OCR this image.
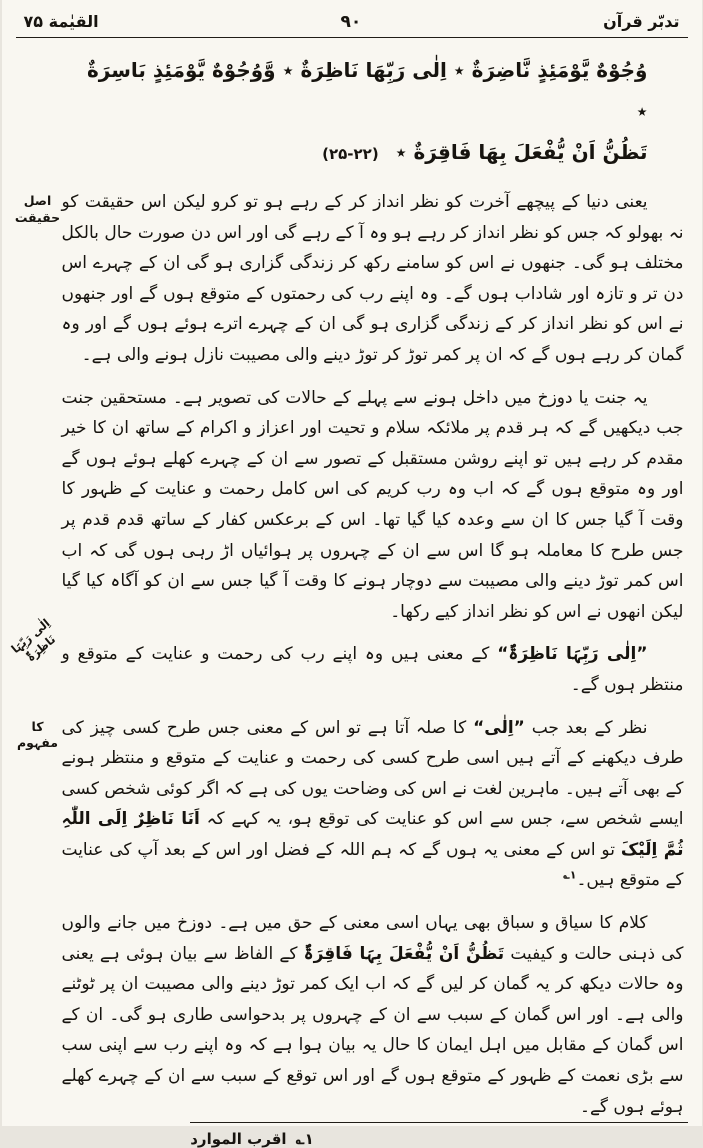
تدبّر قرآن
۹۰
القيٰمة ۷۵
وُجُوْهٌ يَّوْمَئِذٍ نَّاضِرَةٌ ٭ اِلٰى رَبِّهَا نَاظِرَةٌ ٭ وَّوُجُوْهٌ يَّوْمَئِذٍ بَاسِرَةٌ ٭
تَظُنُّ اَنْ يُّفْعَلَ بِهَا فَاقِرَةٌ ٭ (۲۲-۲۵)

یعنی دنیا کے پیچھے آخرت کو نظر انداز کر کے رہے ہو تو کرو لیکن اس حقیقت کو نہ بھولو کہ جس کو نظر انداز کر رہے ہو وہ آ کے رہے گی اور اس دن صورت حال بالکل مختلف ہو گی۔ جنھوں نے اس کو سامنے رکھ کر زندگی گزاری ہو گی ان کے چہرے اس دن تر و تازہ اور شاداب ہوں گے۔ وہ اپنے رب کی رحمتوں کے متوقع ہوں گے اور جنھوں نے اس کو نظر انداز کر کے زندگی گزاری ہو گی ان کے چہرے اترے ہوئے ہوں گے اور وہ گمان کر رہے ہوں گے کہ ان پر کمر توڑ کر توڑ دینے والی مصیبت نازل ہونے والی ہے۔
اصل حقیقت

یہ جنت یا دوزخ میں داخل ہونے سے پہلے کے حالات کی تصویر ہے۔ مستحقین جنت جب دیکھیں گے کہ ہر قدم پر ملائکہ سلام و تحیت اور اعزاز و اکرام کے ساتھ ان کا خیر مقدم کر رہے ہیں تو اپنے روشن مستقبل کے تصور سے ان کے چہرے کھلے ہوئے ہوں گے اور وہ متوقع ہوں گے کہ اب وہ رب کریم کی اس کامل رحمت و عنایت کے ظہور کا وقت آ گیا جس کا ان سے وعدہ کیا گیا تھا۔ اس کے برعکس کفار کے ساتھ قدم قدم پر جس طرح کا معاملہ ہو گا اس سے ان کے چہروں پر ہوائیاں اڑ رہی ہوں گی کہ اب اس کمر توڑ دینے والی مصیبت سے دوچار ہونے کا وقت آ گیا جس سے ان کو آگاہ کیا گیا لیکن انھوں نے اس کو نظر انداز کیے رکھا۔

”اِلٰی رَبِّہَا نَاظِرَۃٌ“ کے معنی ہیں وہ اپنے رب کی رحمت و عنایت کے متوقع و منتظر ہوں گے۔
اِلٰی رَبِّہَا نَاظِرَۃٌ

نظر کے بعد جب ”اِلٰی“ کا صلہ آتا ہے تو اس کے معنی جس طرح کسی چیز کی طرف دیکھنے کے آتے ہیں اسی طرح کسی کی رحمت و عنایت کے متوقع و منتظر ہونے کے بھی آتے ہیں۔ ماہرین لغت نے اس کی وضاحت یوں کی ہے کہ اگر کوئی شخص کسی ایسے شخص سے، جس سے اس کو عنایت کی توقع ہو، یہ کہے کہ اَنَا نَاظِرٌ اِلَی اللّٰہِ ثُمَّ اِلَیْکَ تو اس کے معنی یہ ہوں گے کہ ہم اللہ کے فضل اور اس کے بعد آپ کی عنایت کے متوقع ہیں۔$^{۱؎}$
کا مفہوم

کلام کا سیاق و سباق بھی یہاں اسی معنی کے حق میں ہے۔ دوزخ میں جانے والوں کی ذہنی حالت و کیفیت تَظُنُّ اَنْ یُّفْعَلَ بِہَا فَاقِرَۃٌ کے الفاظ سے بیان ہوئی ہے یعنی وہ حالات دیکھ کر یہ گمان کر لیں گے کہ اب ایک کمر توڑ دینے والی مصیبت ان پر ٹوٹنے والی ہے۔ اور اس گمان کے سبب سے ان کے چہروں پر بدحواسی طاری ہو گی۔ ان کے اس گمان کے مقابل میں اہل ایمان کا حال یہ بیان ہوا ہے کہ وہ اپنے رب سے اپنی سب سے بڑی نعمت کے ظہور کے متوقع ہوں گے اور اس توقع کے سبب سے ان کے چہرے کھلے ہوئے ہوں گے۔

۱؎ اقرب الموارد
